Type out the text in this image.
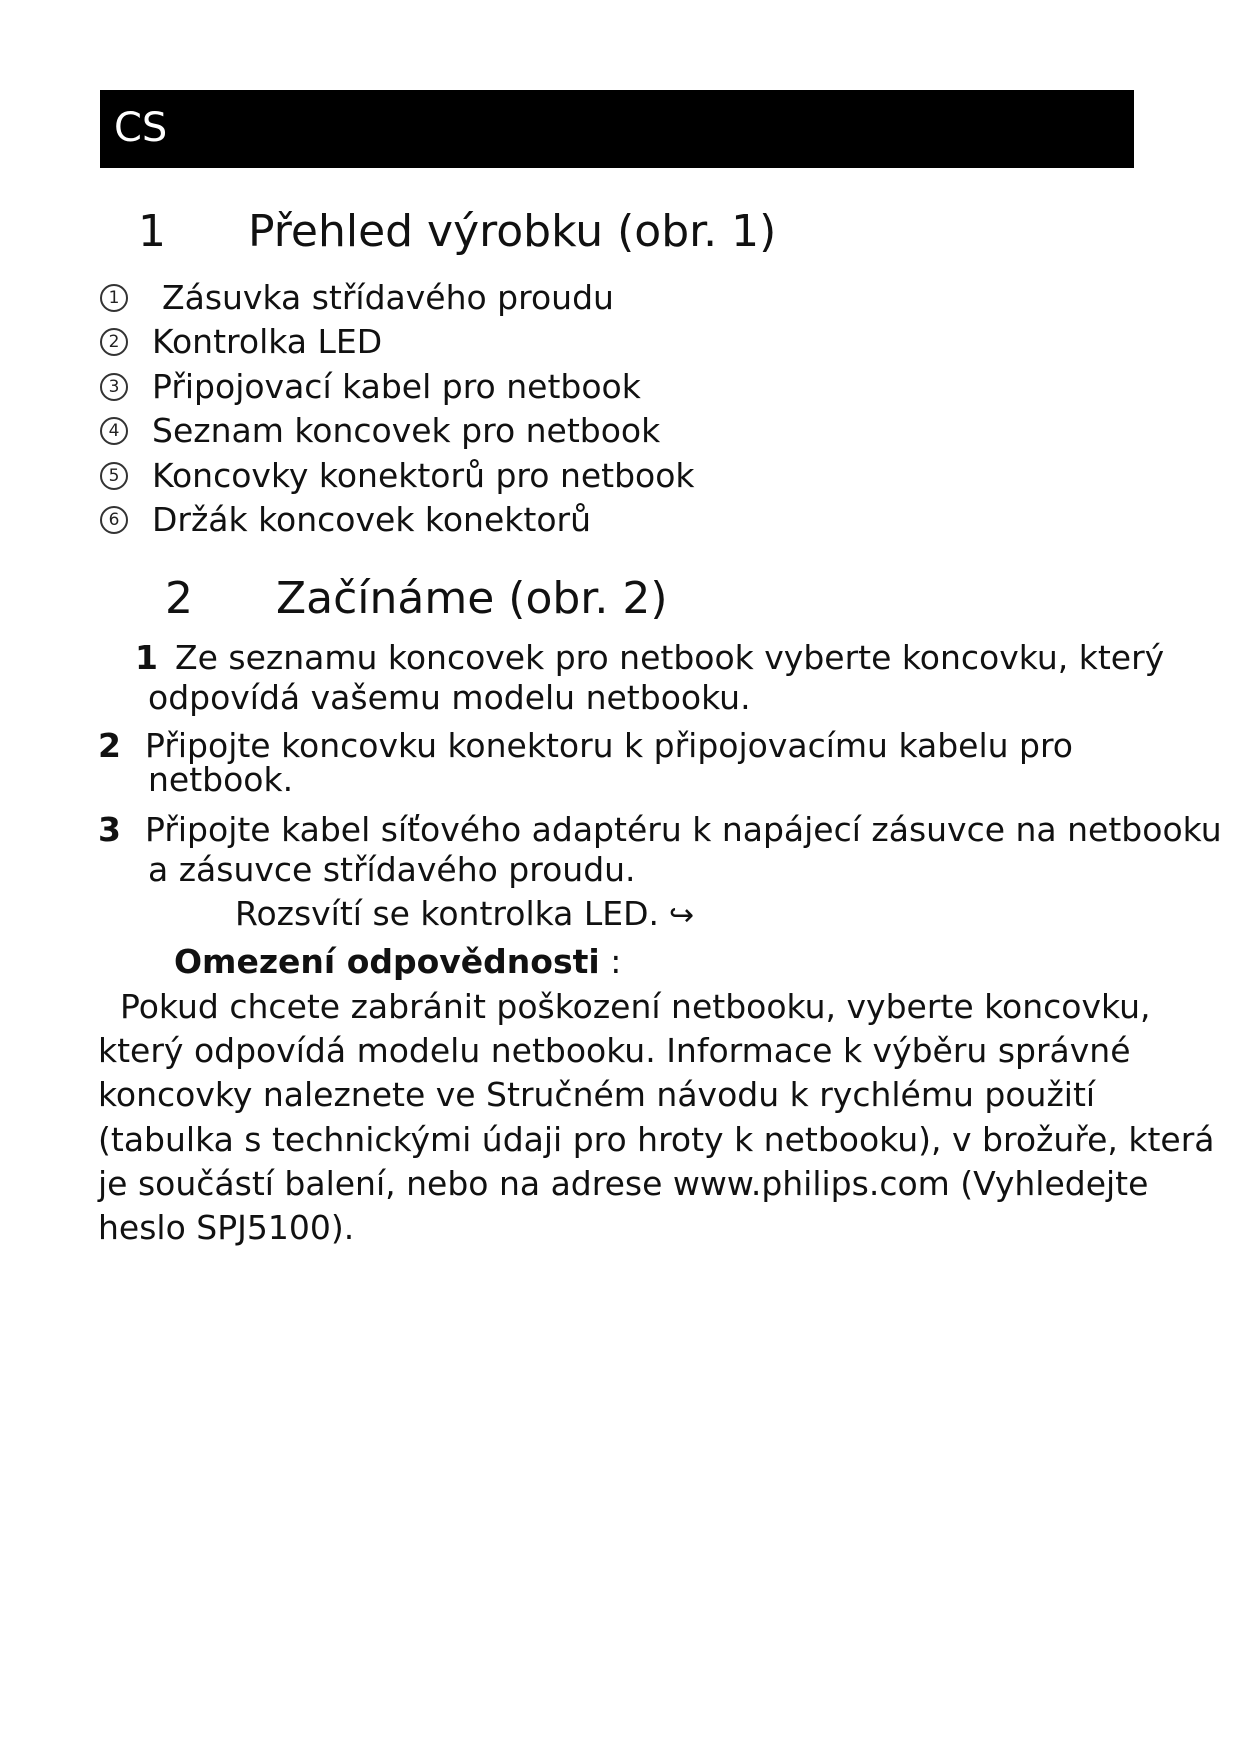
CS
1 Přehled výrobku (obr. 1)
1 Zásuvka střídavého proudu
2 Kontrolka LED
3 Připojovací kabel pro netbook
4 Seznam koncovek pro netbook
5 Koncovky konektorů pro netbook
6 Držák koncovek konektorů
2 Začínáme (obr. 2)
1 Ze seznamu koncovek pro netbook vyberte koncovku, který
odpovídá vašemu modelu netbooku.
2 Připojte koncovku konektoru k připojovacímu kabelu pro
netbook.
3 Připojte kabel síťového adaptéru k napájecí zásuvce na netbooku
a zásuvce střídavého proudu.
Rozsvítí se kontrolka LED. ↪
Omezení odpovědnosti :
Pokud chcete zabránit poškození netbooku, vyberte koncovku,
který odpovídá modelu netbooku. Informace k výběru správné
koncovky naleznete ve Stručném návodu k rychlému použití
(tabulka s technickými údaji pro hroty k netbooku), v brožuře, která
je součástí balení, nebo na adrese www.philips.com (Vyhledejte
heslo SPJ5100).
